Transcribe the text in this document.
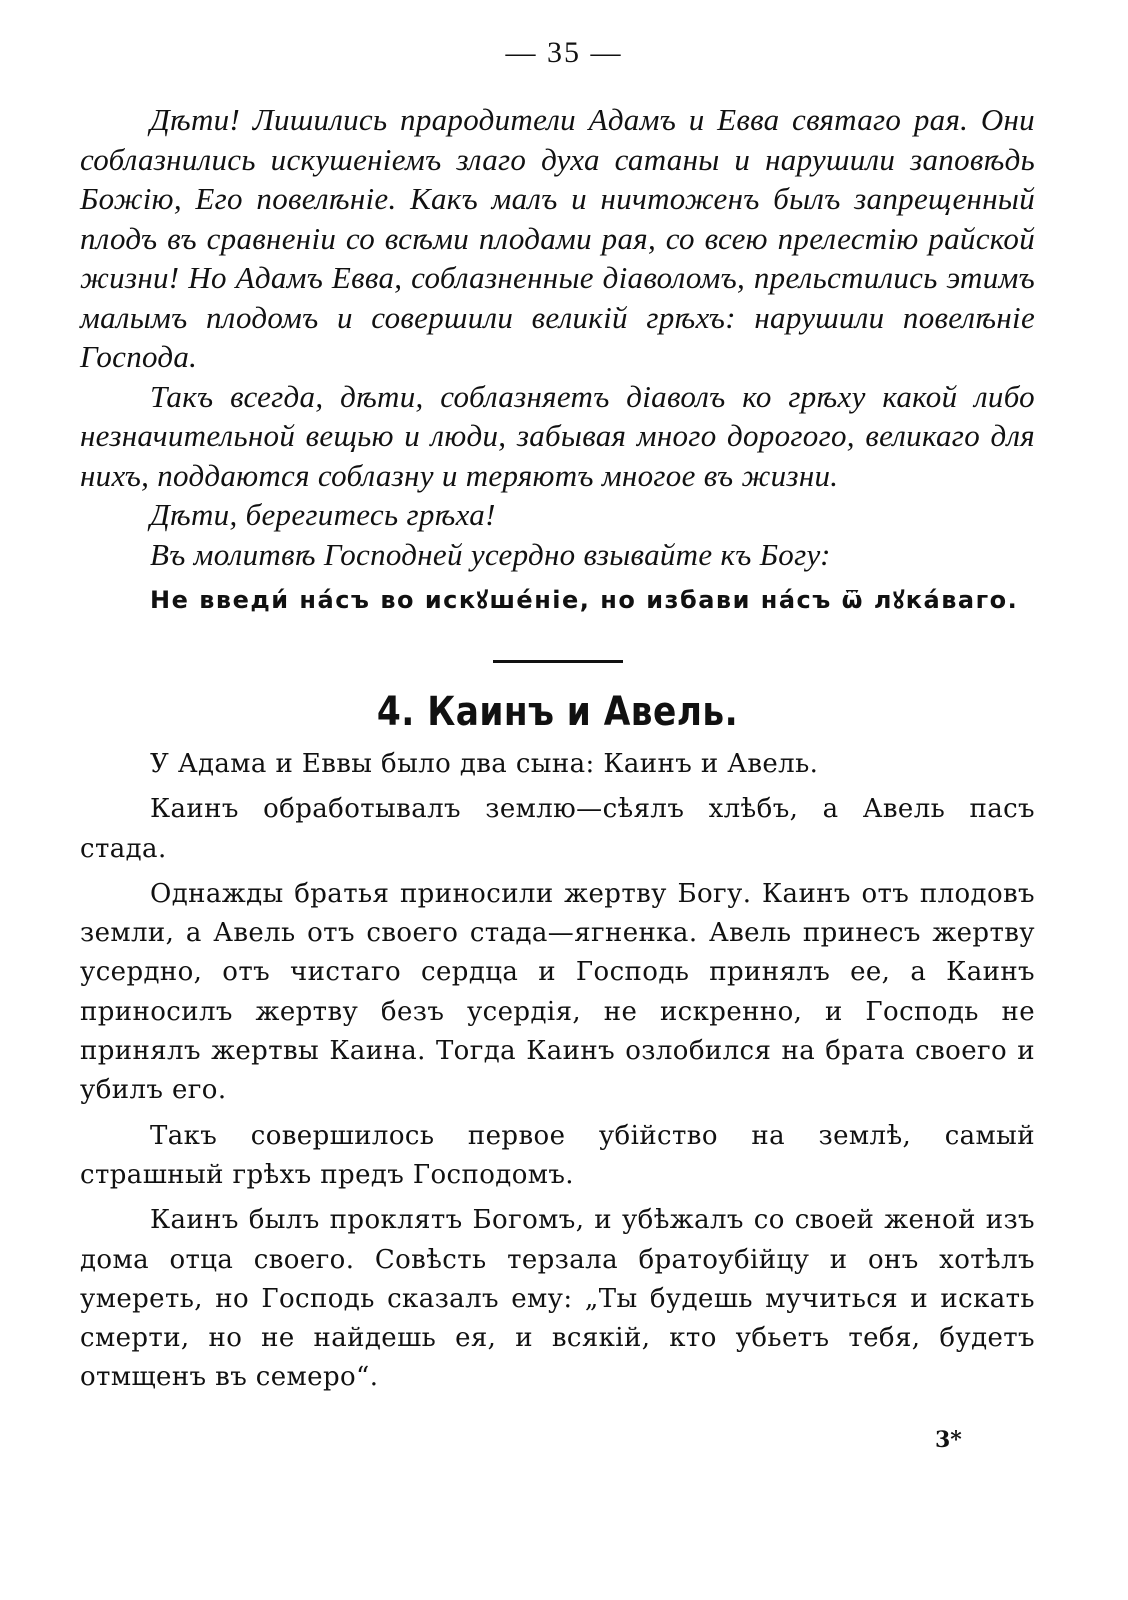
— 35 —

Дѣти! Лишились прародители Адамъ и Евва святаго рая. Они соблазнились искушеніемъ злаго духа сатаны и нарушили заповѣдь Божію, Его повелѣніе. Какъ малъ и ничтоженъ былъ запрещенный плодъ въ сравненіи со всѣми плодами рая, со всею прелестію райской жизни! Но Адамъ Евва, соблазненные діаволомъ, прельстились этимъ малымъ плодомъ и совершили великій грѣхъ: нарушили повелѣніе Господа.

Такъ всегда, дѣти, соблазняетъ діаволъ ко грѣху какой либо незначительной вещью и люди, забывая много дорогого, великаго для нихъ, поддаются соблазну и теряютъ многое въ жизни.

Дѣти, берегитесь грѣха!

Въ молитвѣ Господней усердно взывайте къ Богу:

Не введи́ на́съ во искꙋше́ніе, но избави на́съ ѿ лꙋка́ваго.
4. Каинъ и Авель.

У Адама и Еввы было два сына: Каинъ и Авель.

Каинъ обработывалъ землю—сѣялъ хлѣбъ, а Авель пасъ стада.

Однажды братья приносили жертву Богу. Каинъ отъ плодовъ земли, а Авель отъ своего стада—ягненка. Авель принесъ жертву усердно, отъ чистаго сердца и Господь принялъ ее, а Каинъ приносилъ жертву безъ усердія, не искренно, и Господь не принялъ жертвы Каина. Тогда Каинъ озлобился на брата своего и убилъ его.

Такъ совершилось первое убійство на землѣ, самый страшный грѣхъ предъ Господомъ.

Каинъ былъ проклятъ Богомъ, и убѣжалъ со своей женой изъ дома отца своего. Совѣсть терзала братоубійцу и онъ хотѣлъ умереть, но Господь сказалъ ему: „Ты будешь мучиться и искать смерти, но не найдешь ея, и всякій, кто убьетъ тебя, будетъ отмщенъ въ семеро“.

3*
